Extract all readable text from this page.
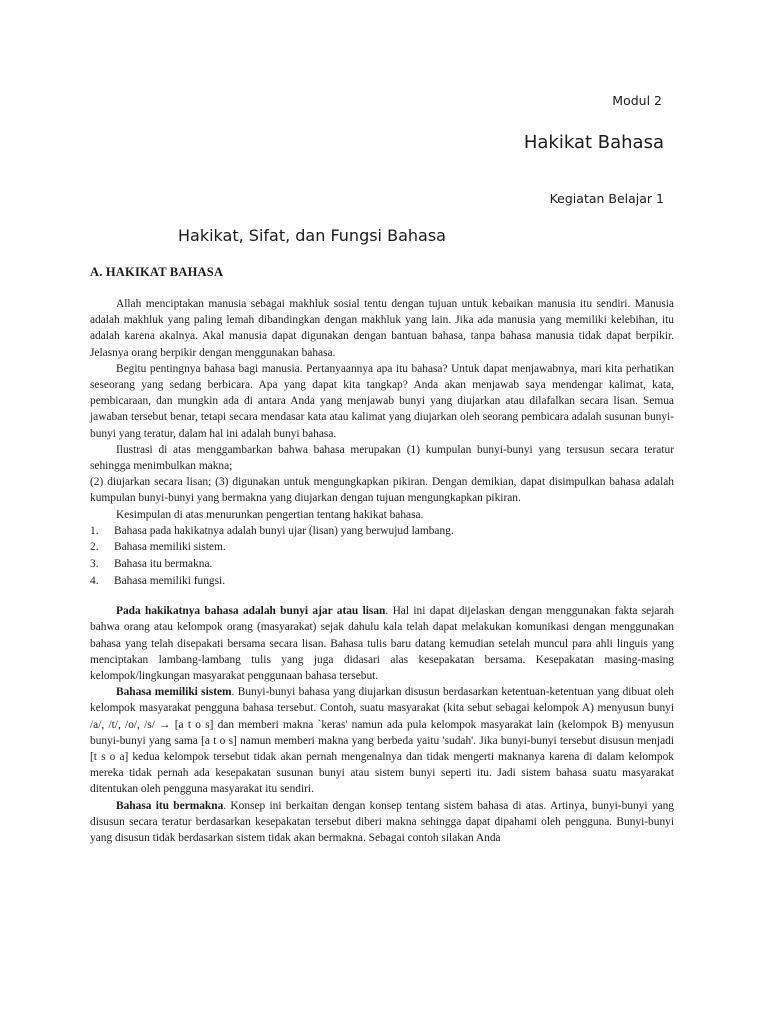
Modul 2
Hakikat Bahasa
Kegiatan Belajar 1
Hakikat, Sifat, dan Fungsi Bahasa
A. HAKIKAT BAHASA

Allah menciptakan manusia sebagai makhluk sosial tentu dengan tujuan untuk kebaikan manusia itu sendiri. Manusia adalah makhluk yang paling lemah dibandingkan dengan makhluk yang lain. Jika ada manusia yang memiliki kelebihan, itu adalah karena akalnya. Akal manusia dapat digunakan dengan bantuan bahasa, tanpa bahasa manusia tidak dapat berpikir. Jelasnya orang berpikir dengan menggunakan bahasa.

Begitu pentingnya bahasa bagi manusia. Pertanyaannya apa itu bahasa? Untuk dapat menjawabnya, mari kita perhatikan seseorang yang sedang berbicara. Apa yang dapat kita tangkap? Anda akan menjawab saya mendengar kalimat, kata, pembicaraan, dan mungkin ada di antara Anda yang menjawab bunyi yang diujarkan atau dilafalkan secara lisan. Semua jawaban tersebut benar, tetapi secara mendasar kata atau kalimat yang diujarkan oleh seorang pembicara adalah susunan bunyi-bunyi yang teratur, dalam hal ini adalah bunyi bahasa.

Ilustrasi di atas menggambarkan bahwa bahasa merupakan (1) kumpulan bunyi-bunyi yang tersusun secara teratur sehingga menimbulkan makna;

(2) diujarkan secara lisan; (3) digunakan untuk mengungkapkan pikiran. Dengan demikian, dapat disimpulkan bahasa adalah kumpulan bunyi-bunyi yang bermakna yang diujarkan dengan tujuan mengungkapkan pikiran.

Kesimpulan di atas menurunkan pengertian tentang hakikat bahasa.

1.	Bahasa pada hakikatnya adalah bunyi ujar (lisan) yang berwujud lambang.
2.	Bahasa memiliki sistem.
3.	Bahasa itu bermakna.
4.	Bahasa memiliki fungsi.

Pada hakikatnya bahasa adalah bunyi ajar atau lisan. Hal ini dapat dijelaskan dengan menggunakan fakta sejarah bahwa orang atau kelompok orang (masyarakat) sejak dahulu kala telah dapat melakukan komunikasi dengan menggunakan bahasa yang telah disepakati bersama secara lisan. Bahasa tulis baru datang kemudian setelah muncul para ahli linguis yang menciptakan lambang-lambang tulis yang juga didasari alas kesepakatan bersama. Kesepakatan masing-masing kelompok/lingkungan masyarakat penggunaan bahasa tersebut.

Bahasa memiliki sistem. Bunyi-bunyi bahasa yang diujarkan disusun berdasarkan ketentuan-ketentuan yang dibuat oleh kelompok masyarakat pengguna bahasa tersebut. Contoh, suatu masyarakat (kita sebut sebagai kelompok A) menyusun bunyi /a/, /t/, /o/, /s/ → [a t o s] dan memberi makna `keras' namun ada pula kelompok masyarakat lain (kelompok B) menyusun bunyi-bunyi yang sama [a t o s] namun memberi makna yang berbeda yaitu 'sudah'. Jika bunyi-bunyi tersebut disusun menjadi [t s o a] kedua kelompok tersebut tidak akan pernah mengenalnya dan tidak mengerti maknanya karena di dalam kelompok mereka tidak pernah ada kesepakatan susunan bunyi atau sistem bunyi seperti itu. Jadi sistem bahasa suatu masyarakat ditentukan oleh pengguna masyarakat itu sendiri.

Bahasa itu bermakna. Konsep ini berkaitan dengan konsep tentang sistem bahasa di atas. Artinya, bunyi-bunyi yang disusun secara teratur berdasarkan kesepakatan tersebut diberi makna sehingga dapat dipahami oleh pengguna. Bunyi-bunyi yang disusun tidak berdasarkan sistem tidak akan bermakna. Sebagai contoh silakan Anda
